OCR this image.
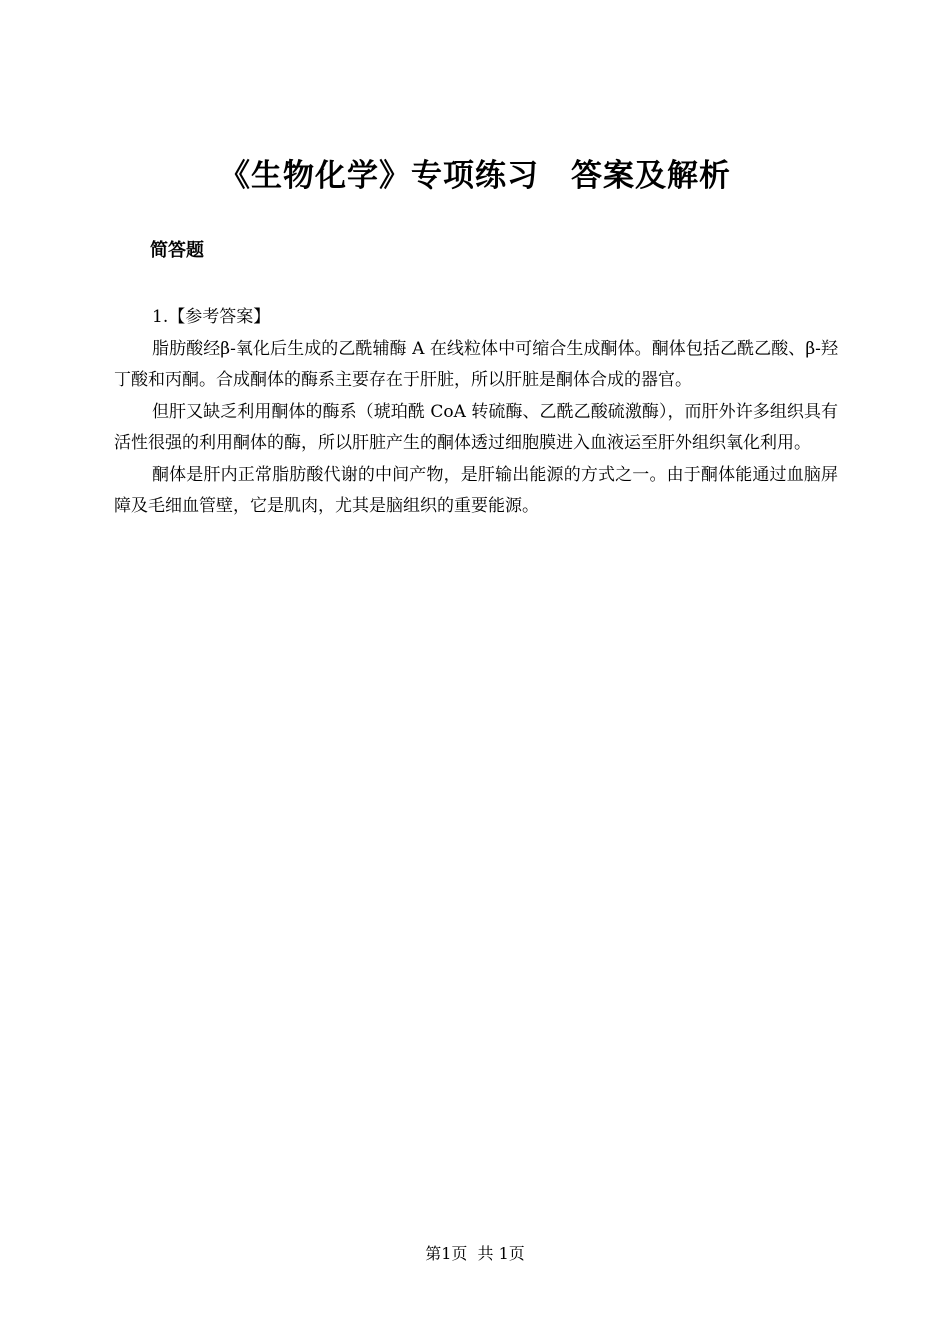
《生物化学》专项练习　答案及解析
简答题

1.【参考答案】

脂肪酸经β-氧化后生成的乙酰辅酶 A 在线粒体中可缩合生成酮体。酮体包括乙酰乙酸、β-羟丁酸和丙酮。合成酮体的酶系主要存在于肝脏，所以肝脏是酮体合成的器官。

但肝又缺乏利用酮体的酶系（琥珀酰 CoA 转硫酶、乙酰乙酸硫激酶），而肝外许多组织具有活性很强的利用酮体的酶，所以肝脏产生的酮体透过细胞膜进入血液运至肝外组织氧化利用。

酮体是肝内正常脂肪酸代谢的中间产物，是肝输出能源的方式之一。由于酮体能通过血脑屏障及毛细血管壁，它是肌肉，尤其是脑组织的重要能源。

第1页  共 1页
